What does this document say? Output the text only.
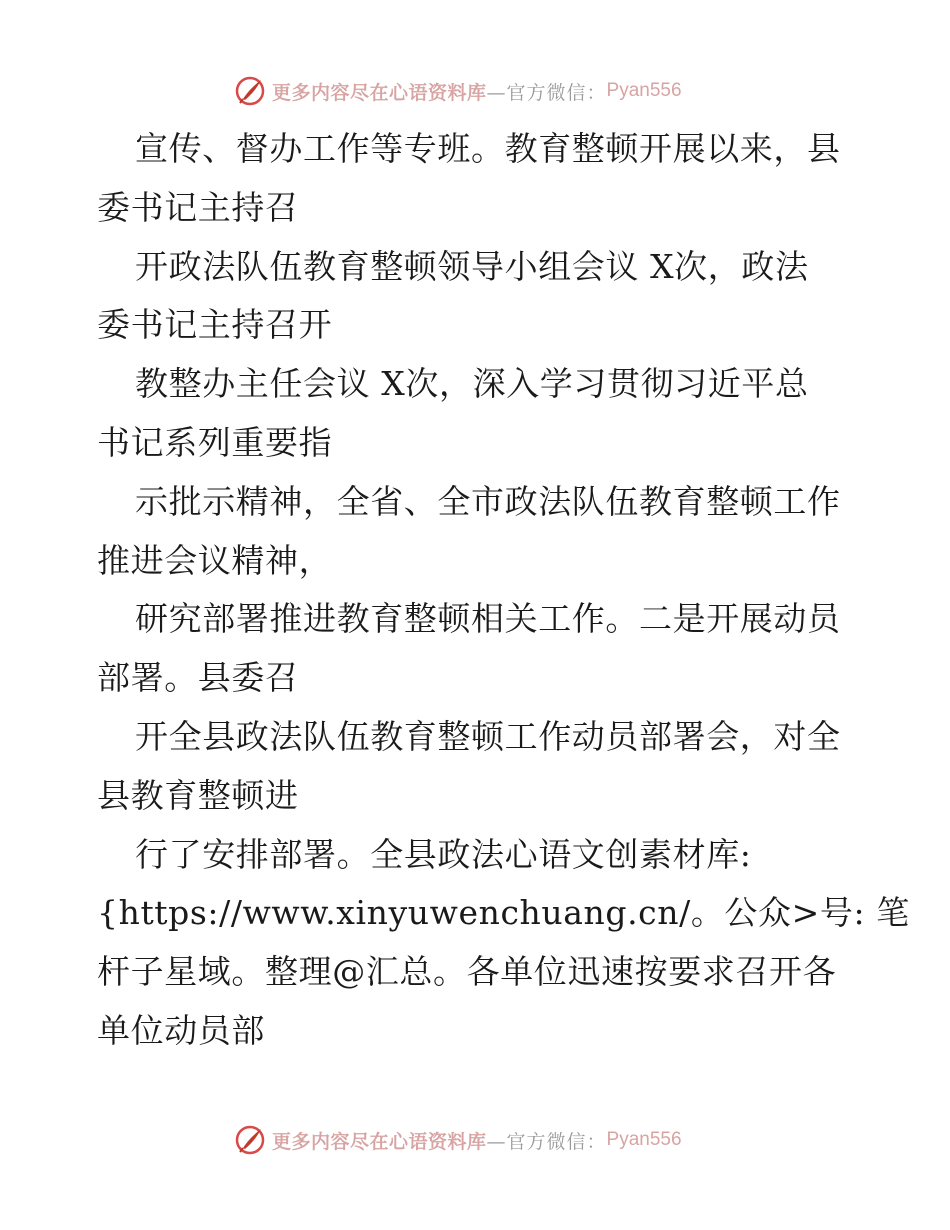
更多内容尽在心语资料库 —官方微信： Pyan556
宣传、督办工作等专班。教育整顿开展以来，县
委书记主持召
开政法队伍教育整顿领导小组会议 X次，政法
委书记主持召开
教整办主任会议 X次，深入学习贯彻习近平总
书记系列重要指
示批示精神，全省、全市政法队伍教育整顿工作
推进会议精神，
研究部署推进教育整顿相关工作。二是开展动员
部署。县委召
开全县政法队伍教育整顿工作动员部署会，对全
县教育整顿进
行了安排部署。全县政法心语文创素材库:
{https://www.xinyuwenchuang.cn/。公众>号: 笔
杆子星域。整理@汇总。各单位迅速按要求召开各
单位动员部
更多内容尽在心语资料库 —官方微信： Pyan556
